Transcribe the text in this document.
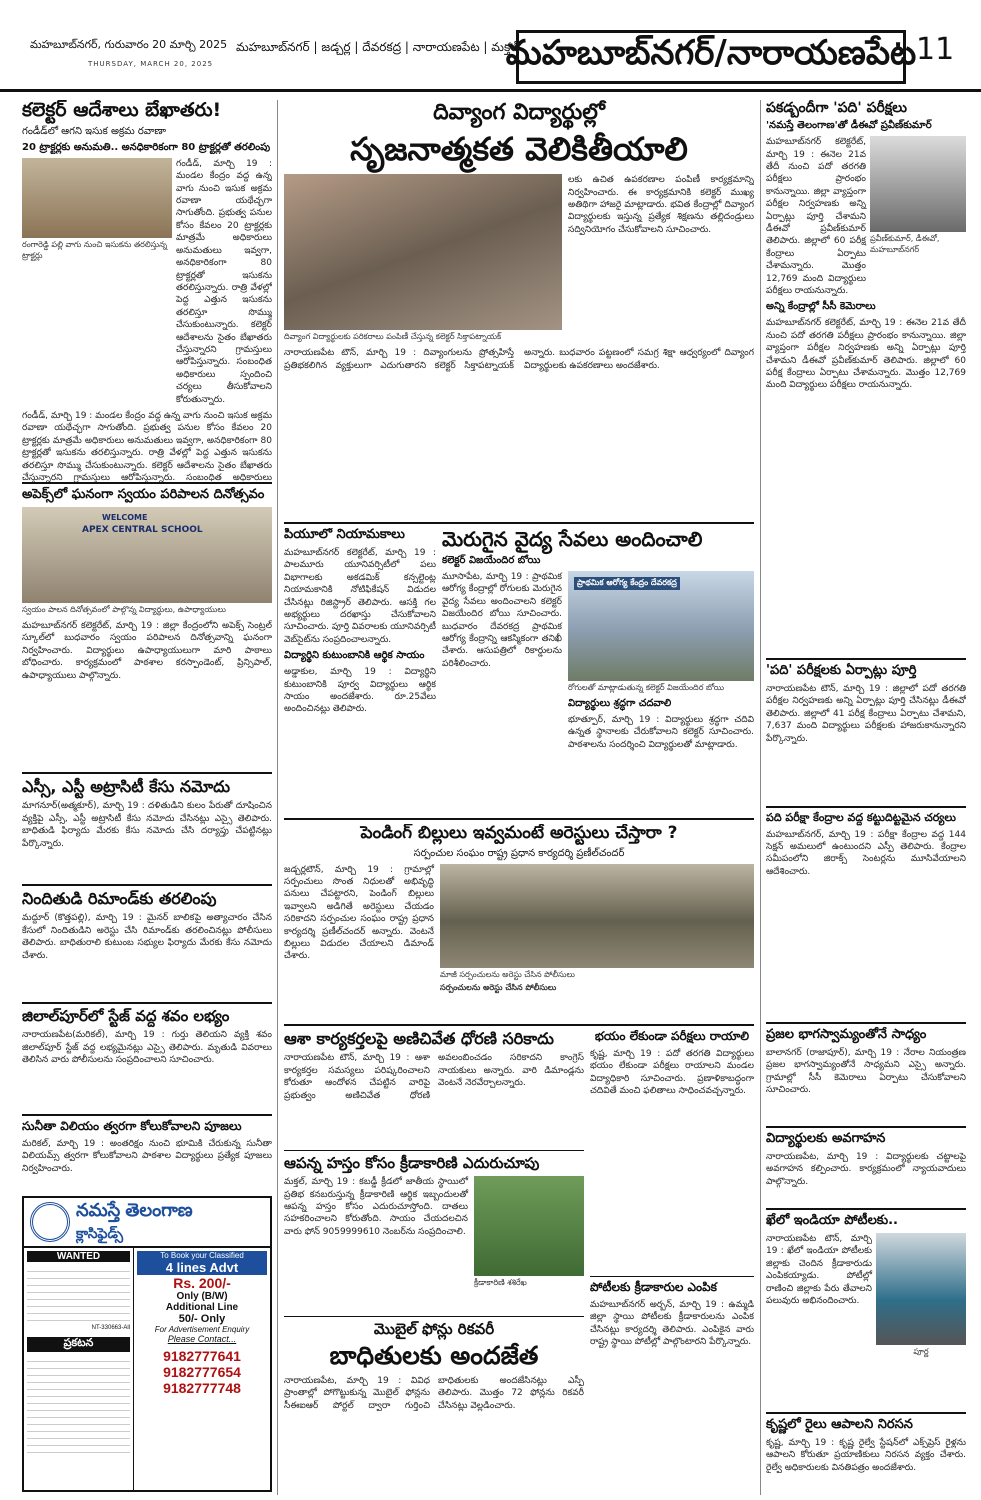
మహబూబ్‌నగర్, గురువారం 20 మార్చి 2025
THURSDAY, MARCH 20, 2025
మహబూబ్‌నగర్ | జడ్చర్ల | దేవరకద్ర | నారాయణపేట | మక్తల్
మహబూబ్‌నగర్/నారాయణపేట 11
కలెక్టర్ ఆదేశాలు బేఖాతరు!
గండీడ్‌లో ఆగని ఇసుక అక్రమ రవాణా
20 ట్రాక్టర్లకు అనుమతి.. అనధికారికంగా 80 ట్రాక్టర్లతో తరలింపు
రంగారెడ్డి పల్లి వాగు నుంచి ఇసుకను తరలిస్తున్న ట్రాక్టర్లు
గండీడ్, మార్చి 19 : మండల కేంద్రం వద్ద ఉన్న వాగు నుంచి ఇసుక అక్రమ రవాణా యథేచ్ఛగా సాగుతోంది. ప్రభుత్వ పనుల కోసం కేవలం 20 ట్రాక్టర్లకు మాత్రమే అధికారులు అనుమతులు ఇవ్వగా, అనధికారికంగా 80 ట్రాక్టర్లతో ఇసుకను తరలిస్తున్నారు. రాత్రి వేళల్లో పెద్ద ఎత్తున ఇసుకను తరలిస్తూ సొమ్ము చేసుకుంటున్నారు. కలెక్టర్ ఆదేశాలను సైతం బేఖాతరు చేస్తున్నారని గ్రామస్తులు ఆరోపిస్తున్నారు. సంబంధిత అధికారులు స్పందించి చర్యలు తీసుకోవాలని కోరుతున్నారు.
గండీడ్, మార్చి 19 : మండల కేంద్రం వద్ద ఉన్న వాగు నుంచి ఇసుక అక్రమ రవాణా యథేచ్ఛగా సాగుతోంది. ప్రభుత్వ పనుల కోసం కేవలం 20 ట్రాక్టర్లకు మాత్రమే అధికారులు అనుమతులు ఇవ్వగా, అనధికారికంగా 80 ట్రాక్టర్లతో ఇసుకను తరలిస్తున్నారు. రాత్రి వేళల్లో పెద్ద ఎత్తున ఇసుకను తరలిస్తూ సొమ్ము చేసుకుంటున్నారు. కలెక్టర్ ఆదేశాలను సైతం బేఖాతరు చేస్తున్నారని గ్రామస్తులు ఆరోపిస్తున్నారు. సంబంధిత అధికారులు
అపెక్స్‌లో ఘనంగా స్వయం పరిపాలన దినోత్సవం
WELCOME
APEX CENTRAL SCHOOL
స్వయం పాలన దినోత్సవంలో పాల్గొన్న విద్యార్థులు, ఉపాధ్యాయులు
మహబూబ్‌నగర్ కలెక్టరేట్, మార్చి 19 : జిల్లా కేంద్రంలోని అపెక్స్ సెంట్రల్ స్కూల్‌లో బుధవారం స్వయం పరిపాలన దినోత్సవాన్ని ఘనంగా నిర్వహించారు. విద్యార్థులు ఉపాధ్యాయులుగా మారి పాఠాలు బోధించారు. కార్యక్రమంలో పాఠశాల కరస్పాండెంట్, ప్రిన్సిపాల్, ఉపాధ్యాయులు పాల్గొన్నారు.
ఎస్సీ, ఎస్టీ అట్రాసిటీ కేసు నమోదు
మాగనూర్(అత్మకూర్), మార్చి 19 : దళితుడిని కులం పేరుతో దూషించిన వ్యక్తిపై ఎస్సీ, ఎస్టీ అట్రాసిటీ కేసు నమోదు చేసినట్లు ఎస్సై తెలిపారు. బాధితుడి ఫిర్యాదు మేరకు కేసు నమోదు చేసి దర్యాప్తు చేపట్టినట్లు పేర్కొన్నారు.
నిందితుడి రిమాండ్‌కు తరలింపు
మద్దూర్ (కొత్తపల్లి), మార్చి 19 : మైనర్ బాలికపై అత్యాచారం చేసిన కేసులో నిందితుడిని అరెస్టు చేసి రిమాండ్‌కు తరలించినట్లు పోలీసులు తెలిపారు. బాధితురాలి కుటుంబ సభ్యుల ఫిర్యాదు మేరకు కేసు నమోదు చేశారు.
జిలాల్‌పూర్‌లో స్టేజ్ వద్ద శవం లభ్యం
నారాయణపేట(మరికల్), మార్చి 19 : గుర్తు తెలియని వ్యక్తి శవం జిలాల్‌పూర్ స్టేజ్ వద్ద లభ్యమైనట్లు ఎస్సై తెలిపారు. మృతుడి వివరాలు తెలిసిన వారు పోలీసులను సంప్రదించాలని సూచించారు.
సునీతా విలియం త్వరగా కోలుకోవాలని పూజలు
మరికల్, మార్చి 19 : అంతరిక్షం నుంచి భూమికి చేరుకున్న సునీతా విలియమ్స్ త్వరగా కోలుకోవాలని పాఠశాల విద్యార్థులు ప్రత్యేక పూజలు నిర్వహించారు.
నమస్తే తెలంగాణ
క్లాసిఫైడ్స్
WANTED
NT-330663-All
ప్రకటన
To Book your Classified
4 lines Advt
Rs. 200/-
Only (B/W)
Additional Line
50/- Only
For Advertisement Enquiry
Please Contact...
9182777641
9182777654
9182777748
దివ్యాంగ విద్యార్థుల్లో
సృజనాత్మకత వెలికితీయాలి
దివ్యాంగ విద్యార్థులకు పరికరాలు పంపిణీ చేస్తున్న కలెక్టర్ సిక్తాపట్నాయక్
లకు ఉచిత ఉపకరణాల పంపిణీ కార్యక్రమాన్ని నిర్వహించారు. ఈ కార్యక్రమానికి కలెక్టర్ ముఖ్య అతిథిగా హాజరై మాట్లాడారు. భవిత కేంద్రాల్లో దివ్యాంగ విద్యార్థులకు ఇస్తున్న ప్రత్యేక శిక్షణను తల్లిదండ్రులు సద్వినియోగం చేసుకోవాలని సూచించారు.
నారాయణపేట టౌన్, మార్చి 19 : దివ్యాంగులను ప్రోత్సహిస్తే ప్రతిభకలిగిన వ్యక్తులుగా ఎదుగుతారని కలెక్టర్ సిక్తాపట్నాయక్ అన్నారు. బుధవారం పట్టణంలో సమగ్ర శిక్షా ఆధ్వర్యంలో దివ్యాంగ విద్యార్థులకు ఉపకరణాలు అందజేశారు.
పీయూలో నియామకాలు
మహబూబ్‌నగర్ కలెక్టరేట్, మార్చి 19 : పాలమూరు యూనివర్సిటీలో పలు విభాగాలకు అకడమిక్ కన్సల్టెంట్ల నియామకానికి నోటిఫికేషన్ విడుదల చేసినట్లు రిజిస్ట్రార్ తెలిపారు. ఆసక్తి గల అభ్యర్థులు దరఖాస్తు చేసుకోవాలని సూచించారు. పూర్తి వివరాలకు యూనివర్సిటీ వెబ్‌సైట్‌ను సంప్రదించాలన్నారు.
విద్యార్థిని కుటుంబానికి ఆర్థిక సాయం
అడ్డాకుల, మార్చి 19 : విద్యార్థిని కుటుంబానికి పూర్వ విద్యార్థులు ఆర్థిక సాయం అందజేశారు. రూ.25వేలు అందించినట్లు తెలిపారు.
మెరుగైన వైద్య సేవలు అందించాలి
కలెక్టర్ విజయేందిర బోయి
మూసాపేట, మార్చి 19 : ప్రాథమిక ఆరోగ్య కేంద్రాల్లో రోగులకు మెరుగైన వైద్య సేవలు అందించాలని కలెక్టర్ విజయేందిర బోయి సూచించారు. బుధవారం దేవరకద్ర ప్రాథమిక ఆరోగ్య కేంద్రాన్ని ఆకస్మికంగా తనిఖీ చేశారు. ఆసుపత్రిలో రికార్డులను పరిశీలించారు.
ప్రాథమిక ఆరోగ్య కేంద్రం దేవరకద్ర
రోగులతో మాట్లాడుతున్న కలెక్టర్ విజయేందిర బోయి
విద్యార్థులు శ్రద్ధగా చదవాలి
భూత్పూర్, మార్చి 19 : విద్యార్థులు శ్రద్ధగా చదివి ఉన్నత స్థానాలకు చేరుకోవాలని కలెక్టర్ సూచించారు. పాఠశాలను సందర్శించి విద్యార్థులతో మాట్లాడారు.
పెండింగ్ బిల్లులు ఇవ్వమంటే అరెస్టులు చేస్తారా ?
సర్పంచుల సంఘం రాష్ట్ర ప్రధాన కార్యదర్శి ప్రణీల్‌చందర్
జడ్చర్లటౌన్, మార్చి 19 : గ్రామాల్లో సర్పంచులు సొంత నిధులతో అభివృద్ధి పనులు చేపట్టారని, పెండింగ్ బిల్లులు ఇవ్వాలని అడిగితే అరెస్టులు చేయడం సరికాదని సర్పంచుల సంఘం రాష్ట్ర ప్రధాన కార్యదర్శి ప్రణీల్‌చందర్ అన్నారు. వెంటనే బిల్లులు విడుదల చేయాలని డిమాండ్ చేశారు.
మాజీ సర్పంచులను అరెస్టు చేసిన పోలీసులు
సర్పంచులను అరెస్టు చేసిన పోలీసులు
ఆశా కార్యకర్తలపై అణిచివేత ధోరణి సరికాదు
నారాయణపేట టౌన్, మార్చి 19 : ఆశా కార్యకర్తల సమస్యలు పరిష్కరించాలని కోరుతూ ఆందోళన చేపట్టిన వారిపై ప్రభుత్వం అణిచివేత ధోరణి అవలంబించడం సరికాదని కాంగ్రెస్ నాయకులు అన్నారు. వారి డిమాండ్లను వెంటనే నెరవేర్చాలన్నారు.
భయం లేకుండా పరీక్షలు రాయాలి
కృష్ణ, మార్చి 19 : పదో తరగతి విద్యార్థులు భయం లేకుండా పరీక్షలు రాయాలని మండల విద్యాధికారి సూచించారు. ప్రణాళికాబద్ధంగా చదివితే మంచి ఫలితాలు సాధించవచ్చన్నారు.
ఆపన్న హస్తం కోసం క్రీడాకారిణి ఎదురుచూపు
మక్తల్, మార్చి 19 : కబడ్డీ క్రీడలో జాతీయ స్థాయిలో ప్రతిభ కనబరుస్తున్న క్రీడాకారిణి ఆర్థిక ఇబ్బందులతో ఆపన్న హస్తం కోసం ఎదురుచూస్తోంది. దాతలు సహకరించాలని కోరుతోంది. సాయం చేయదలచిన వారు ఫోన్ 9059999610 నెంబర్‌ను సంప్రదించాలి.
క్రీడాకారిణి శశిరేఖ	పోటీలకు క్రీడాకారుల ఎంపిక
మహబూబ్‌నగర్ అర్బన్, మార్చి 19 : ఉమ్మడి జిల్లా స్థాయి పోటీలకు క్రీడాకారులను ఎంపిక చేసినట్లు కార్యదర్శి తెలిపారు. ఎంపికైన వారు రాష్ట్ర స్థాయి పోటీల్లో పాల్గొంటారని పేర్కొన్నారు.
మొబైల్ ఫోన్లు రికవరీ
బాధితులకు అందజేత
నారాయణపేట, మార్చి 19 : వివిధ ప్రాంతాల్లో పోగొట్టుకున్న మొబైల్ ఫోన్లను సీఈఐఆర్ పోర్టల్ ద్వారా గుర్తించి బాధితులకు అందజేసినట్లు ఎస్పీ తెలిపారు. మొత్తం 72 ఫోన్లను రికవరీ చేసినట్లు వెల్లడించారు.
పకడ్బందీగా 'పది' పరీక్షలు
'నమస్తే తెలంగాణ'తో డీఈవో ప్రవీణ్‌కుమార్
మహబూబ్‌నగర్ కలెక్టరేట్, మార్చి 19 : ఈనెల 21వ తేదీ నుంచి పదో తరగతి పరీక్షలు ప్రారంభం కానున్నాయి. జిల్లా వ్యాప్తంగా పరీక్షల నిర్వహణకు అన్ని ఏర్పాట్లు పూర్తి చేశామని డీఈవో ప్రవీణ్‌కుమార్ తెలిపారు. జిల్లాలో 60 పరీక్ష కేంద్రాలు ఏర్పాటు చేశామన్నారు. మొత్తం 12,769 మంది విద్యార్థులు పరీక్షలు రాయనున్నారు.
ప్రవీణ్‌కుమార్, డీఈవో, మహబూబ్‌నగర్
అన్ని కేంద్రాల్లో సీసీ కెమెరాలు
మహబూబ్‌నగర్ కలెక్టరేట్, మార్చి 19 : ఈనెల 21వ తేదీ నుంచి పదో తరగతి పరీక్షలు ప్రారంభం కానున్నాయి. జిల్లా వ్యాప్తంగా పరీక్షల నిర్వహణకు అన్ని ఏర్పాట్లు పూర్తి చేశామని డీఈవో ప్రవీణ్‌కుమార్ తెలిపారు. జిల్లాలో 60 పరీక్ష కేంద్రాలు ఏర్పాటు చేశామన్నారు. మొత్తం 12,769 మంది విద్యార్థులు పరీక్షలు రాయనున్నారు.
'పది' పరీక్షలకు ఏర్పాట్లు పూర్తి
నారాయణపేట టౌన్, మార్చి 19 : జిల్లాలో పదో తరగతి పరీక్షల నిర్వహణకు అన్ని ఏర్పాట్లు పూర్తి చేసినట్లు డీఈవో తెలిపారు. జిల్లాలో 41 పరీక్ష కేంద్రాలు ఏర్పాటు చేశామని, 7,637 మంది విద్యార్థులు పరీక్షలకు హాజరుకానున్నారని పేర్కొన్నారు.
పది పరీక్షా కేంద్రాల వద్ద కట్టుదిట్టమైన చర్యలు
మహబూబ్‌నగర్, మార్చి 19 : పరీక్షా కేంద్రాల వద్ద 144 సెక్షన్ అమలులో ఉంటుందని ఎస్పీ తెలిపారు. కేంద్రాల సమీపంలోని జిరాక్స్ సెంటర్లను మూసివేయాలని ఆదేశించారు.
ప్రజల భాగస్వామ్యంతోనే సాధ్యం
బాలానగర్ (రాజాపూర్), మార్చి 19 : నేరాల నియంత్రణ ప్రజల భాగస్వామ్యంతోనే సాధ్యమని ఎస్సై అన్నారు. గ్రామాల్లో సీసీ కెమెరాలు ఏర్పాటు చేసుకోవాలని సూచించారు.
విద్యార్థులకు అవగాహన
నారాయణపేట, మార్చి 19 : విద్యార్థులకు చట్టాలపై అవగాహన కల్పించారు. కార్యక్రమంలో న్యాయవాదులు పాల్గొన్నారు.
ఖేలో ఇండియా పోటీలకు..
నారాయణపేట టౌన్, మార్చి 19 : ఖేలో ఇండియా పోటీలకు జిల్లాకు చెందిన క్రీడాకారుడు ఎంపికయ్యాడు. పోటీల్లో రాణించి జిల్లాకు పేరు తేవాలని పలువురు అభినందించారు.
పూర్ణ
కృష్ణలో రైలు ఆపాలని నిరసన
కృష్ణ, మార్చి 19 : కృష్ణ రైల్వే స్టేషన్‌లో ఎక్స్‌ప్రెస్ రైళ్లను ఆపాలని కోరుతూ ప్రయాణికులు నిరసన వ్యక్తం చేశారు. రైల్వే అధికారులకు వినతిపత్రం అందజేశారు.
